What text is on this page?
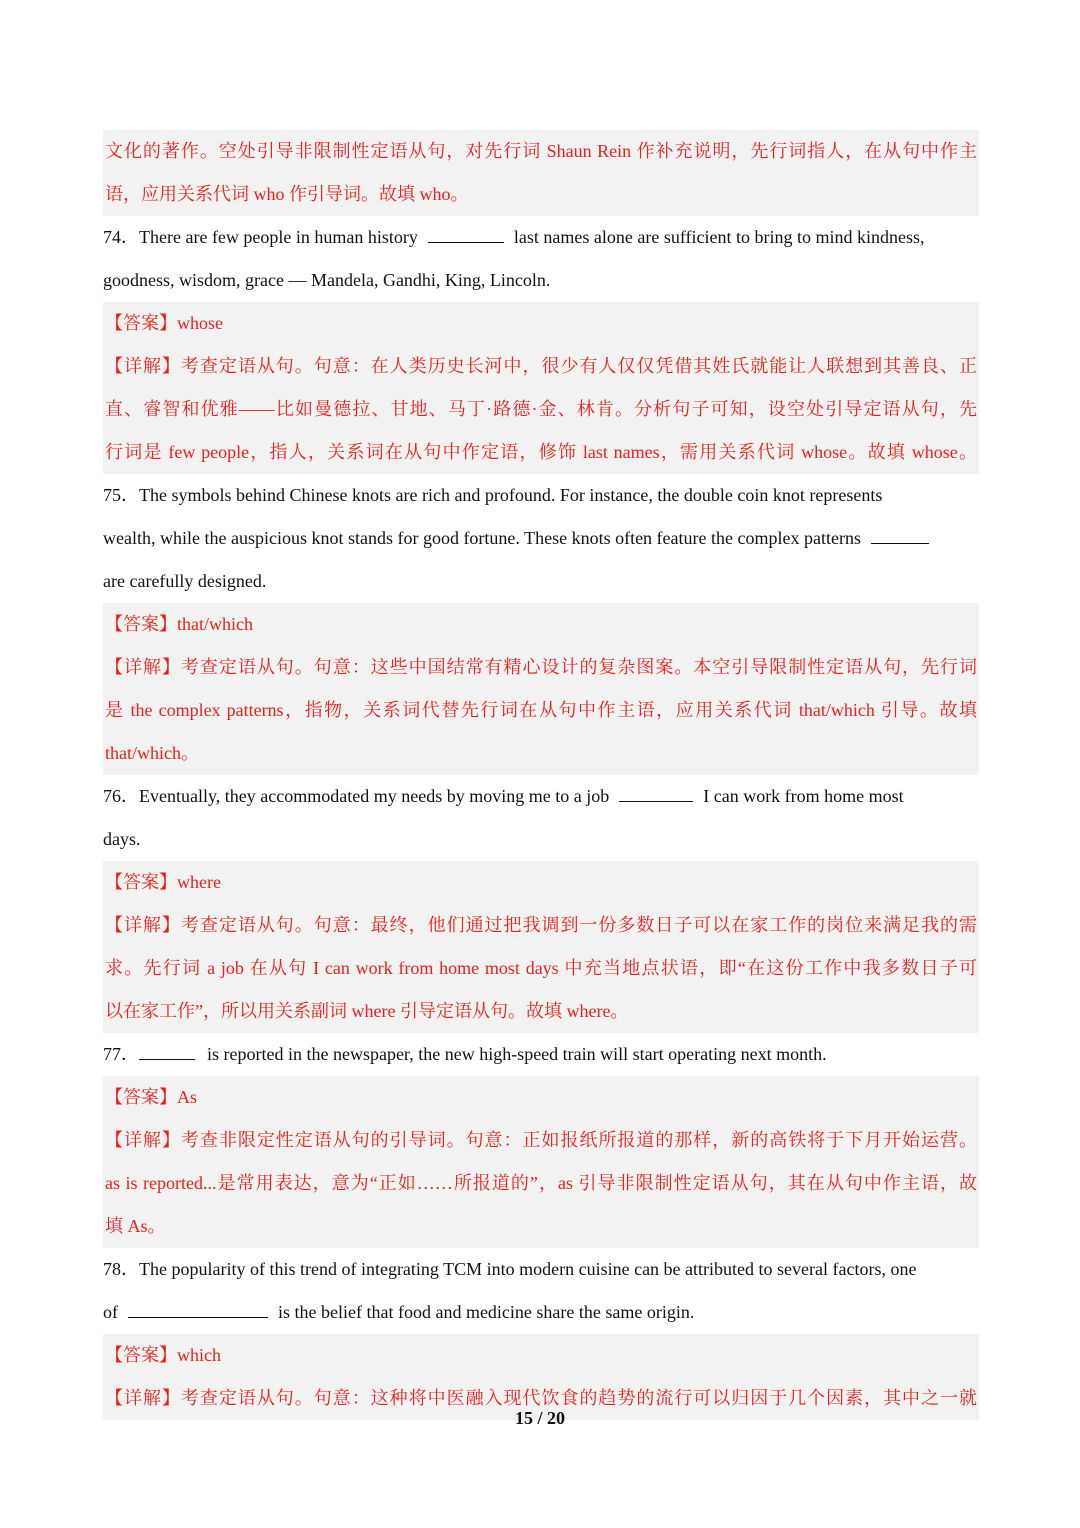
文化的著作。空处引导非限制性定语从句，对先行词 Shaun Rein 作补充说明，先行词指人，在从句中作主
语，应用关系代词 who 作引导词。故填 who。
74．There are few people in human history	last names alone are sufficient to bring to mind kindness,
goodness, wisdom, grace — Mandela, Gandhi, King, Lincoln.
【答案】whose
【详解】考查定语从句。句意：在人类历史长河中，很少有人仅仅凭借其姓氏就能让人联想到其善良、正
直、睿智和优雅——比如曼德拉、甘地、马丁·路德·金、林肯。分析句子可知，设空处引导定语从句，先
行词是 few people，指人，关系词在从句中作定语，修饰 last names，需用关系代词 whose。故填 whose。
75．The symbols behind Chinese knots are rich and profound. For instance, the double coin knot represents
wealth, while the auspicious knot stands for good fortune. These knots often feature the complex patterns
are carefully designed.
【答案】that/which
【详解】考查定语从句。句意：这些中国结常有精心设计的复杂图案。本空引导限制性定语从句，先行词
是 the complex patterns，指物，关系词代替先行词在从句中作主语，应用关系代词 that/which 引导。故填
that/which。
76．Eventually, they accommodated my needs by moving me to a job	I can work from home most
days.
【答案】where
【详解】考查定语从句。句意：最终，他们通过把我调到一份多数日子可以在家工作的岗位来满足我的需
求。先行词 a job 在从句 I can work from home most days 中充当地点状语，即“在这份工作中我多数日子可
以在家工作”，所以用关系副词 where 引导定语从句。故填 where。
77．	is reported in the newspaper, the new high-speed train will start operating next month.
【答案】As
【详解】考查非限定性定语从句的引导词。句意：正如报纸所报道的那样，新的高铁将于下月开始运营。
as is reported...是常用表达，意为“正如……所报道的”，as 引导非限制性定语从句，其在从句中作主语，故
填 As。
78．The popularity of this trend of integrating TCM into modern cuisine can be attributed to several factors, one
of	is the belief that food and medicine share the same origin.
【答案】which
【详解】考查定语从句。句意：这种将中医融入现代饮食的趋势的流行可以归因于几个因素，其中之一就
15 / 20
